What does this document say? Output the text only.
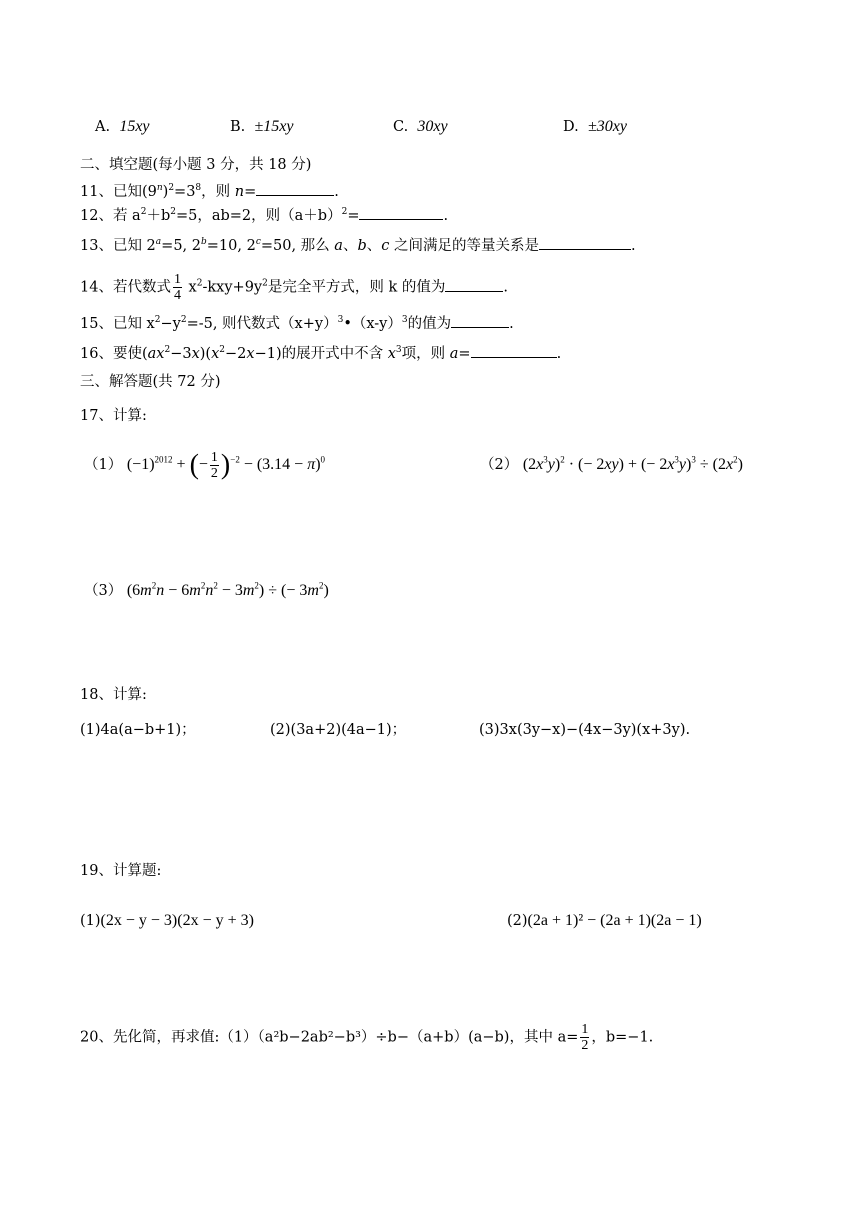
A. 15xy	B. ±15xy	C. 30xy	D. ±30xy
二、填空题(每小题 3 分，共 18 分)
11、已知$(9^n)^2=3^8$，则 n=	.
12、若 $a^2+b^2=5$，ab=2，则$(a+b)^2=$	.
13、已知 $2^a=5$, $2^b=10$, $2^c=50$, 那么 a、b、c 之间满足的等量关系是	.
14、若代数式 $\frac{1}{4} x^2-kxy+9y^2$是完全平方式，则 k 的值为	.
15、已知 $x^2-y^2=-5$, 则代数式$(x+y)^3•(x-y)^3$的值为	.
16、要使$(ax^2-3x)(x^2-2x-1)$的展开式中不含 $x^3$项，则 a=	.
三、解答题(共 72 分)
17、计算:
（1） $(-1)^{2012}$ + (− $\frac{1}{2} )^{-2} - (3.14 - \pi)^0$	（2） $(2x^3y)^2$ · (− 2xy) + (− $2x^3y)^3 \div (2x^2)$
（3） $(6m^2n - 6m^2n^2 - 3m^2)$ ÷ (− $3m^2$)
18、计算:
(1)4a(a−b+1)；	(2)(3a+2)(4a−1)；	(3)3x(3y−x)−(4x−3y)(x+3y).
19、计算题:
(1)(2x − y − 3)(2x − y + 3)	(2)(2a + 1)² − (2a + 1)(2a − 1)
20、先化简，再求值:（1）（a²b−2ab²−b³）÷b−（a+b）(a−b)，其中 $a= \frac{1}{2}$ ，b=−1.
